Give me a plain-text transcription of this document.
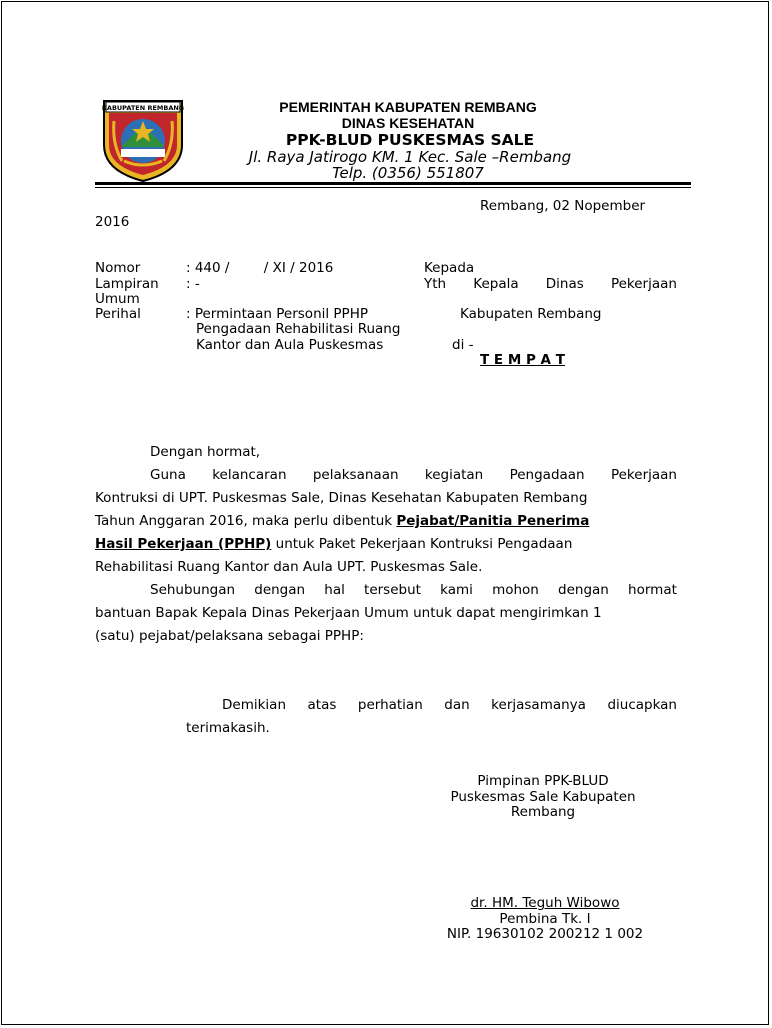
KABUPATEN REMBANG	PEMERINTAH KABUPATEN REMBANG
DINAS KESEHATAN
PPK-BLUD PUSKESMAS SALE
Jl. Raya Jatirogo KM. 1 Kec. Sale –Rembang
Telp. (0356) 551807
Rembang, 02 Nopember
2016
Nomor	: 440 /        / XI / 2016
Lampiran : -
Perihal	: Permintaan Personil PPHP
Pengadaan Rehabilitasi Ruang
Kantor dan Aula Puskesmas
Kepada
Yth Kepala Dinas Pekerjaan
Umum
Kabupaten Rembang
di -
T E M P A T
Dengan hormat,
Guna kelancaran pelaksanaan kegiatan Pengadaan Pekerjaan
Kontruksi di UPT. Puskesmas Sale, Dinas Kesehatan Kabupaten Rembang
Tahun Anggaran 2016, maka perlu dibentuk Pejabat/Panitia Penerima
Hasil Pekerjaan (PPHP) untuk Paket Pekerjaan Kontruksi Pengadaan
Rehabilitasi Ruang Kantor dan Aula UPT. Puskesmas Sale.
Sehubungan dengan hal tersebut kami mohon dengan hormat
bantuan Bapak Kepala Dinas Pekerjaan Umum untuk dapat mengirimkan 1
(satu) pejabat/pelaksana sebagai PPHP:
Demikian atas perhatian dan kerjasamanya diucapkan
terimakasih.
Pimpinan PPK-BLUD
Puskesmas Sale Kabupaten
Rembang
dr. HM. Teguh Wibowo
Pembina Tk. I
NIP. 19630102 200212 1 002
